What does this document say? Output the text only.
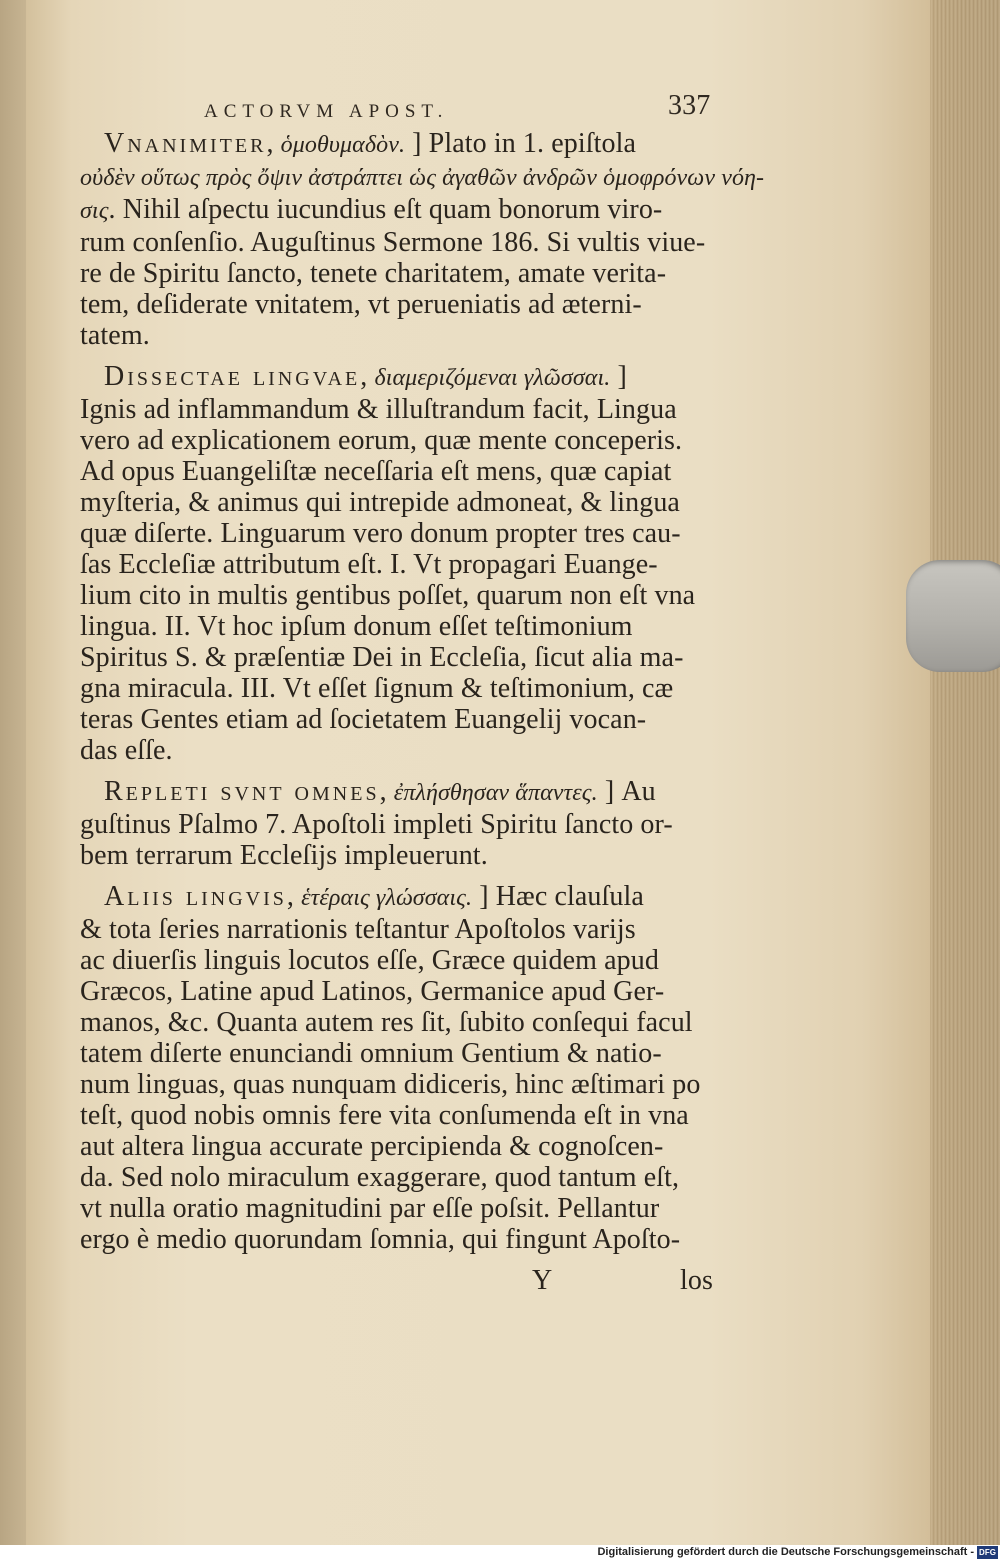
ACTORVM APOST.	337
Vnanimiter, ὁμοθυμαδὸν. ] Plato in 1. epiſtola
οὐδὲν οὕτως πρὸς ὄψιν ἀστράπτει ὡς ἀγαθῶν ἀνδρῶν ὁμοφρόνων νόη-
σις. Nihil aſpectu iucundius eſt quam bonorum viro-
rum conſenſio. Auguſtinus Sermone 186. Si vultis viue-
re de Spiritu ſancto, tenete charitatem, amate verita-
tem, deſiderate vnitatem, vt perueniatis ad æterni-
tatem.
Dissectae lingvae, διαμεριζόμεναι γλῶσσαι. ]
Ignis ad inflammandum & illuſtrandum facit, Lingua
vero ad explicationem eorum, quæ mente conceperis.
Ad opus Euangeliſtæ neceſſaria eſt mens, quæ capiat
myſteria, & animus qui intrepide admoneat, & lingua
quæ diſerte. Linguarum vero donum propter tres cau-
ſas Eccleſiæ attributum eſt. I. Vt propagari Euange-
lium cito in multis gentibus poſſet, quarum non eſt vna
lingua. II. Vt hoc ipſum donum eſſet teſtimonium
Spiritus S. & præſentiæ Dei in Eccleſia, ſicut alia ma-
gna miracula. III. Vt eſſet ſignum & teſtimonium, cæ
teras Gentes etiam ad ſocietatem Euangelij vocan-
das eſſe.
Repleti svnt omnes, ἐπλήσθησαν ἅπαντες. ] Au
guſtinus Pſalmo 7. Apoſtoli impleti Spiritu ſancto or-
bem terrarum Eccleſijs impleuerunt.
Aliis lingvis, ἑτέραις γλώσσαις. ] Hæc clauſula
& tota ſeries narrationis teſtantur Apoſtolos varijs
ac diuerſis linguis locutos eſſe, Græce quidem apud
Græcos, Latine apud Latinos, Germanice apud Ger-
manos, &c. Quanta autem res ſit, ſubito conſequi facul
tatem diſerte enunciandi omnium Gentium & natio-
num linguas, quas nunquam didiceris, hinc æſtimari po
teſt, quod nobis omnis fere vita conſumenda eſt in vna
aut altera lingua accurate percipienda & cognoſcen-
da. Sed nolo miraculum exaggerare, quod tantum eſt,
vt nulla oratio magnitudini par eſſe poſsit. Pellantur
ergo è medio quorundam ſomnia, qui fingunt Apoſto-
Y	los
Digitalisierung gefördert durch die Deutsche Forschungsgemeinschaft - DFG
